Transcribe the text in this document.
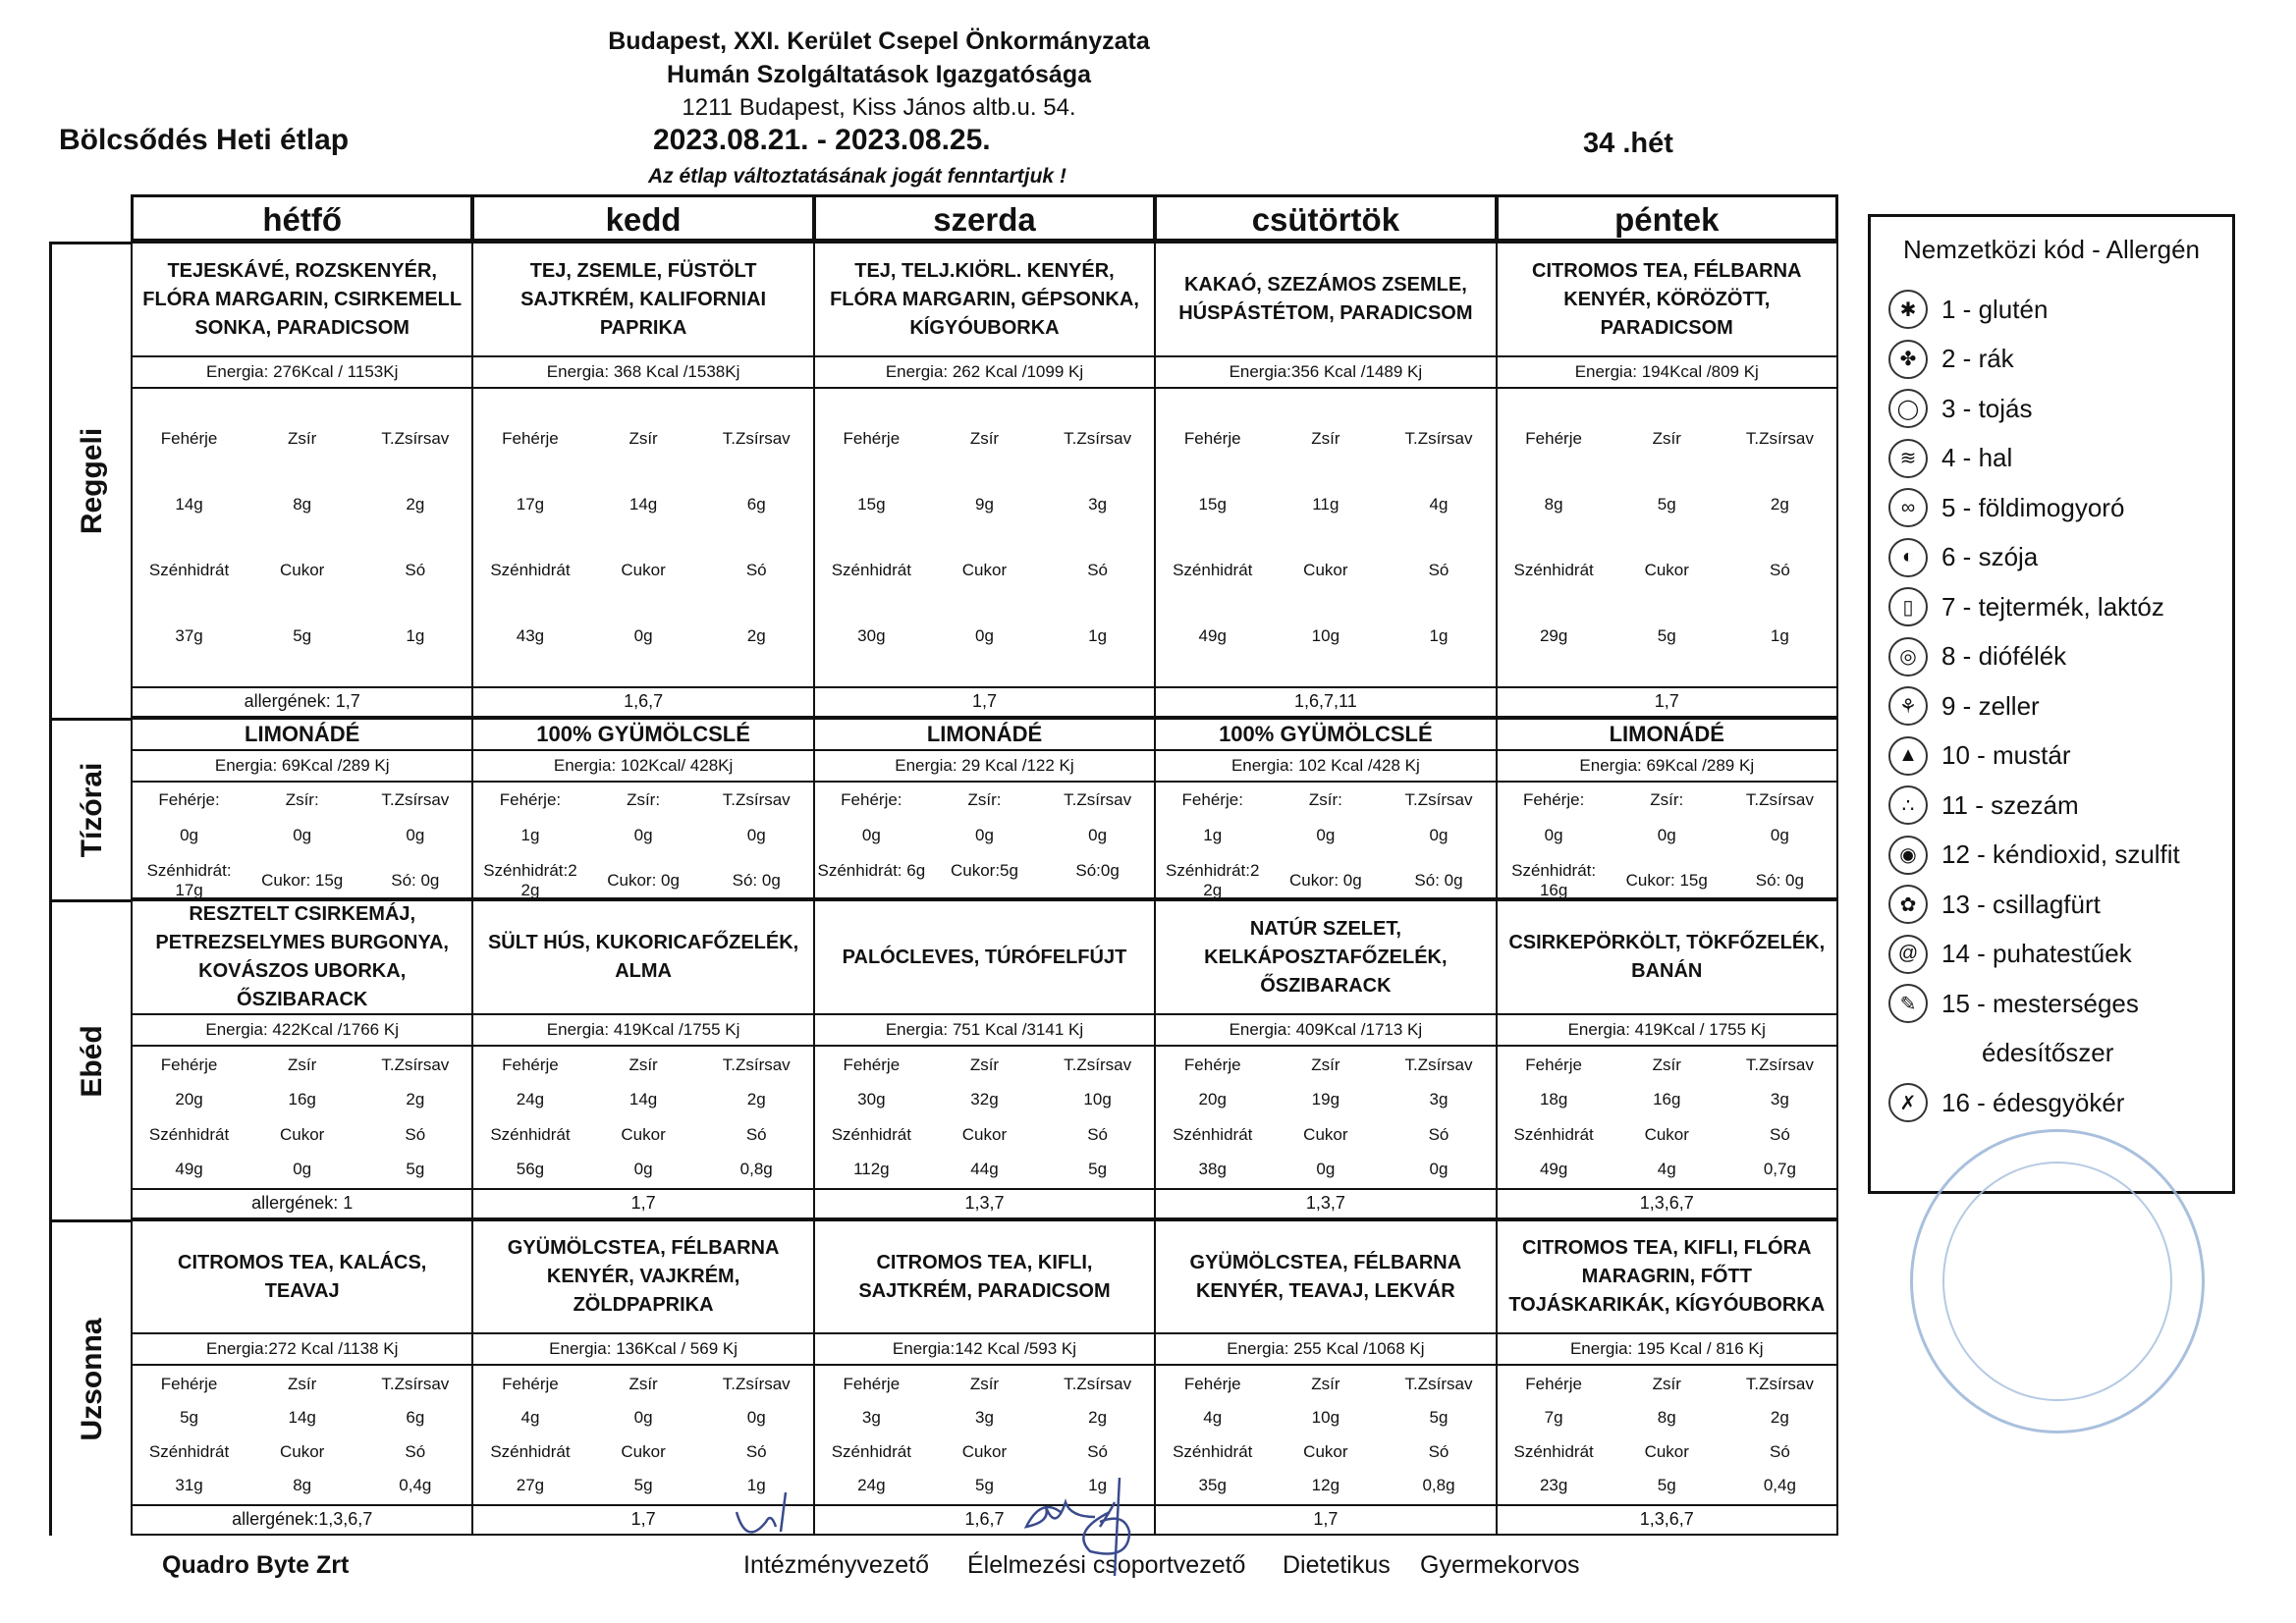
Bölcsődés Heti étlap
Budapest, XXI. Kerület Csepel Önkormányzata
Humán Szolgáltatások Igazgatósága
1211 Budapest, Kiss János altb.u. 54.
2023.08.21. - 2023.08.25.	34 .hét
Az étlap változtatásának jogát fenntartjuk !
hétfő	kedd	szerda	csütörtök	péntek
Reggeli
TEJESKÁVÉ, ROZSKENYÉR, FLÓRA MARGARIN, CSIRKEMELL SONKA, PARADICSOM
Energia: 276Kcal / 1153Kj
Fehérje	Zsír	T.Zsírsav
14g	8g	2g
Szénhidrát	Cukor	Só
37g	5g	1g
allergének: 1,7
TEJ, ZSEMLE, FÜSTÖLT SAJTKRÉM, KALIFORNIAI PAPRIKA
Energia: 368 Kcal /1538Kj
Fehérje	Zsír	T.Zsírsav
17g	14g	6g
Szénhidrát	Cukor	Só
43g	0g	2g
1,6,7
TEJ, TELJ.KIÖRL. KENYÉR, FLÓRA MARGARIN, GÉPSONKA, KÍGYÓUBORKA
Energia: 262 Kcal /1099 Kj
Fehérje	Zsír	T.Zsírsav
15g	9g	3g
Szénhidrát	Cukor	Só
30g	0g	1g
1,7
KAKAÓ, SZEZÁMOS ZSEMLE, HÚSPÁSTÉTOM, PARADICSOM
Energia:356 Kcal /1489 Kj
Fehérje	Zsír	T.Zsírsav
15g	11g	4g
Szénhidrát	Cukor	Só
49g	10g	1g
1,6,7,11
CITROMOS TEA, FÉLBARNA KENYÉR, KÖRÖZÖTT, PARADICSOM
Energia: 194Kcal /809 Kj
Fehérje	Zsír	T.Zsírsav
8g	5g	2g
Szénhidrát	Cukor	Só
29g	5g	1g
1,7
Tízórai
LIMONÁDÉ
Energia: 69Kcal /289 Kj
Fehérje:	Zsír:	T.Zsírsav
0g	0g	0g
Szénhidrát: 17g
Cukor: 15g	Só: 0g
100% GYÜMÖLCSLÉ
Energia: 102Kcal/ 428Kj
Fehérje:	Zsír:	T.Zsírsav
1g	0g	0g
Szénhidrát:2 2g
Cukor: 0g	Só: 0g
LIMONÁDÉ
Energia: 29 Kcal /122 Kj
Fehérje:	Zsír:	T.Zsírsav
0g	0g	0g
Szénhidrát: 6g	Cukor:5g	Só:0g
100% GYÜMÖLCSLÉ
Energia: 102 Kcal /428 Kj
Fehérje:	Zsír:	T.Zsírsav
1g	0g	0g
Szénhidrát:2 2g
Cukor: 0g	Só: 0g
LIMONÁDÉ
Energia: 69Kcal /289 Kj
Fehérje:	Zsír:	T.Zsírsav
0g	0g	0g
Szénhidrát: 16g
Cukor: 15g	Só: 0g
Ebéd
RESZTELT CSIRKEMÁJ, PETREZSELYMES BURGONYA, KOVÁSZOS UBORKA, ŐSZIBARACK
Energia: 422Kcal /1766 Kj
Fehérje	Zsír	T.Zsírsav
20g	16g	2g
Szénhidrát	Cukor	Só
49g	0g	5g
allergének: 1
SÜLT HÚS, KUKORICAFŐZELÉK, ALMA
Energia: 419Kcal /1755 Kj
Fehérje	Zsír	T.Zsírsav
24g	14g	2g
Szénhidrát	Cukor	Só
56g	0g	0,8g
1,7
PALÓCLEVES, TÚRÓFELFÚJT
Energia: 751 Kcal /3141 Kj
Fehérje	Zsír	T.Zsírsav
30g	32g	10g
Szénhidrát	Cukor	Só
112g	44g	5g
1,3,7
NATÚR SZELET, KELKÁPOSZTAFŐZELÉK, ŐSZIBARACK
Energia: 409Kcal /1713 Kj
Fehérje	Zsír	T.Zsírsav
20g	19g	3g
Szénhidrát	Cukor	Só
38g	0g	0g
1,3,7
CSIRKEPÖRKÖLT, TÖKFŐZELÉK, BANÁN
Energia: 419Kcal / 1755 Kj
Fehérje	Zsír	T.Zsírsav
18g	16g	3g
Szénhidrát	Cukor	Só
49g	4g	0,7g
1,3,6,7
Uzsonna
CITROMOS TEA, KALÁCS, TEAVAJ
Energia:272 Kcal /1138 Kj
Fehérje	Zsír	T.Zsírsav
5g	14g	6g
Szénhidrát	Cukor	Só
31g	8g	0,4g
allergének:1,3,6,7
GYÜMÖLCSTEA, FÉLBARNA KENYÉR, VAJKRÉM, ZÖLDPAPRIKA
Energia: 136Kcal / 569 Kj
Fehérje	Zsír	T.Zsírsav
4g	0g	0g
Szénhidrát	Cukor	Só
27g	5g	1g
1,7
CITROMOS TEA, KIFLI, SAJTKRÉM, PARADICSOM
Energia:142 Kcal /593 Kj
Fehérje	Zsír	T.Zsírsav
3g	3g	2g
Szénhidrát	Cukor	Só
24g	5g	1g
1,6,7
GYÜMÖLCSTEA, FÉLBARNA KENYÉR, TEAVAJ, LEKVÁR
Energia: 255 Kcal /1068 Kj
Fehérje	Zsír	T.Zsírsav
4g	10g	5g
Szénhidrát	Cukor	Só
35g	12g	0,8g
1,7
CITROMOS TEA, KIFLI, FLÓRA MARAGRIN, FŐTT TOJÁSKARIKÁK, KÍGYÓUBORKA
Energia: 195 Kcal / 816 Kj
Fehérje	Zsír	T.Zsírsav
7g	8g	2g
Szénhidrát	Cukor	Só
23g	5g	0,4g
1,3,6,7
Nemzetközi kód - Allergén
✱ 1 - glutén
✤ 2 - rák
◯ 3 - tojás
≋ 4 - hal
∞	5 - földimogyoró
◐	6 - szója
▯	7 - tejtermék, laktóz
◎ 8 - diófélék
⚘ 9 - zeller
▲ 10 - mustár
∴	11 - szezám
◉ 12 - kéndioxid, szulfit
✿ 13 - csillagfürt
@ 14 - puhatestűek
✎ 15 - mesterséges
édesítőszer
✗ 16 - édesgyökér
Quadro Byte Zrt	Intézményvezető Élelmezési csoportvezető Dietetikus Gyermekorvos
